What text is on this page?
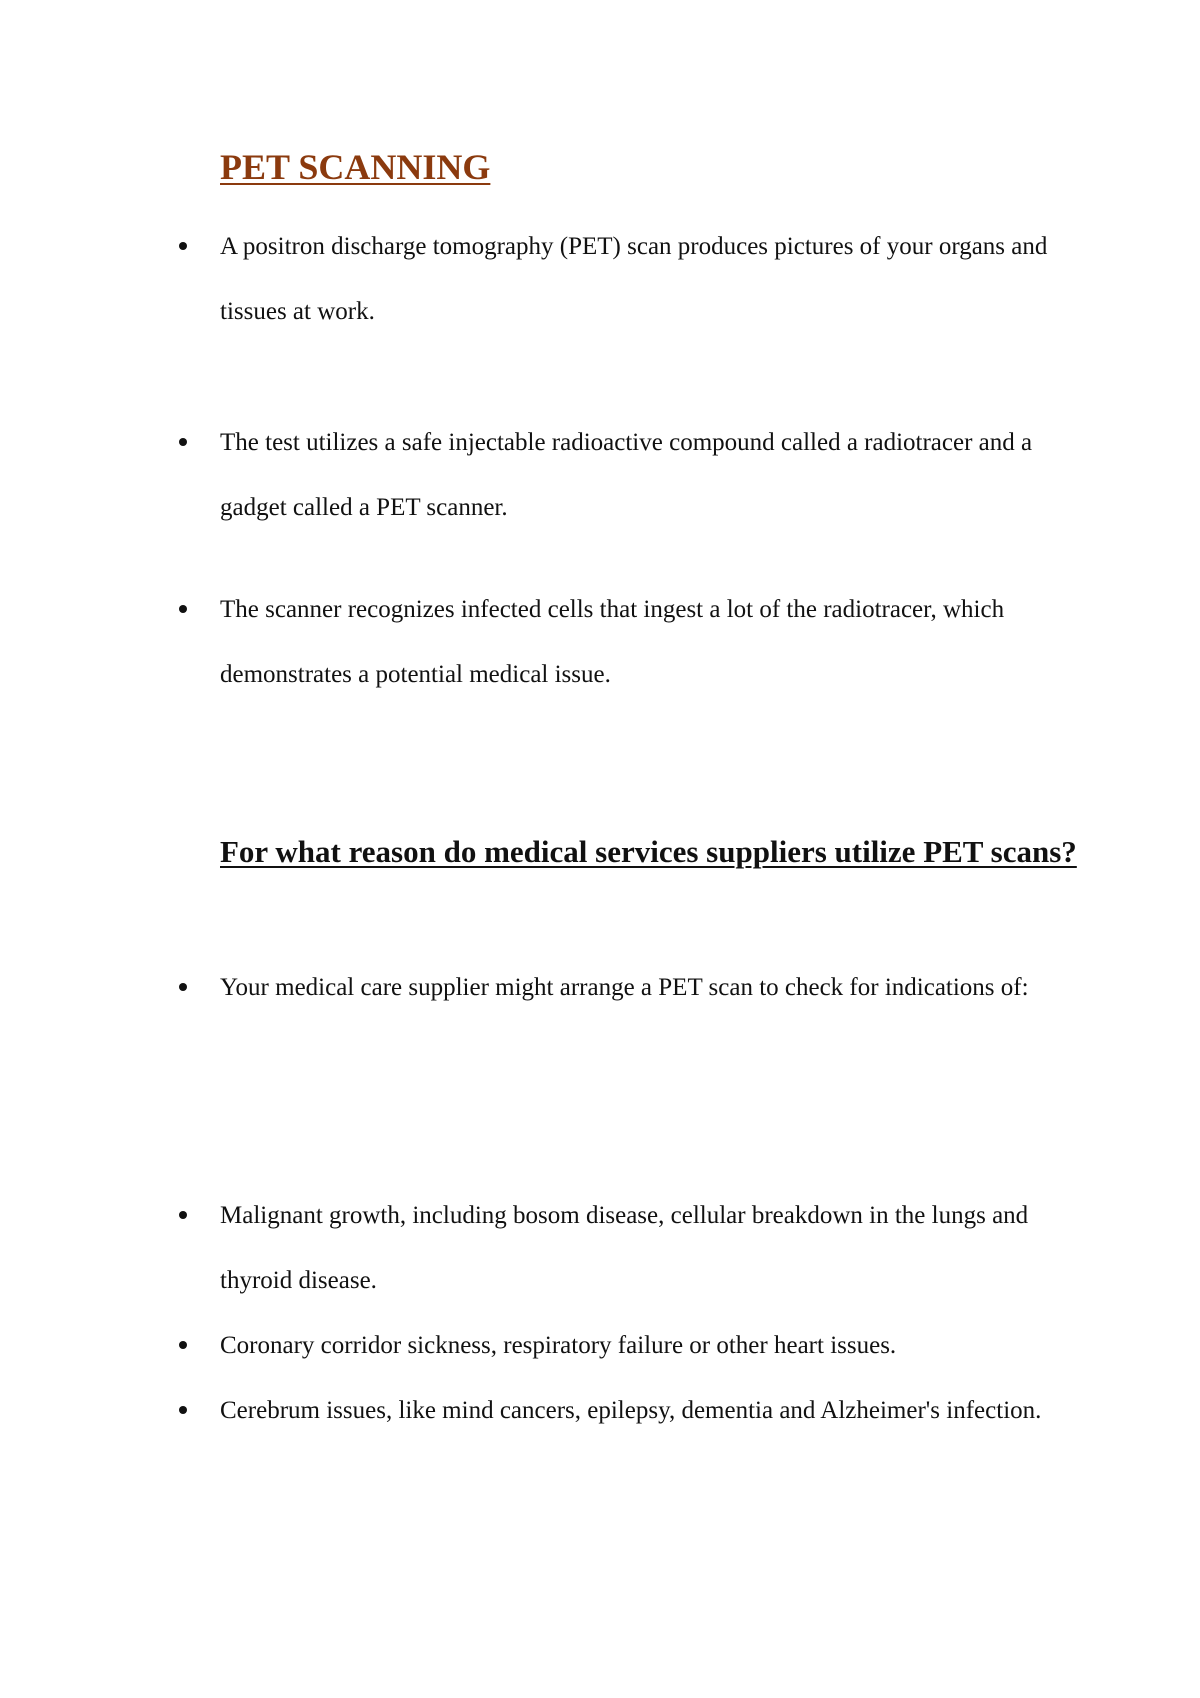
PET SCANNING
A positron discharge tomography (PET) scan produces pictures of your organs and tissues at work.
The test utilizes a safe injectable radioactive compound called a radiotracer and a gadget called a PET scanner.
The scanner recognizes infected cells that ingest a lot of the radiotracer, which demonstrates a potential medical issue.
For what reason do medical services suppliers utilize PET scans?
Your medical care supplier might arrange a PET scan to check for indications of:
Malignant growth, including bosom disease, cellular breakdown in the lungs and thyroid disease.
Coronary corridor sickness, respiratory failure or other heart issues.
Cerebrum issues, like mind cancers, epilepsy, dementia and Alzheimer's infection.
